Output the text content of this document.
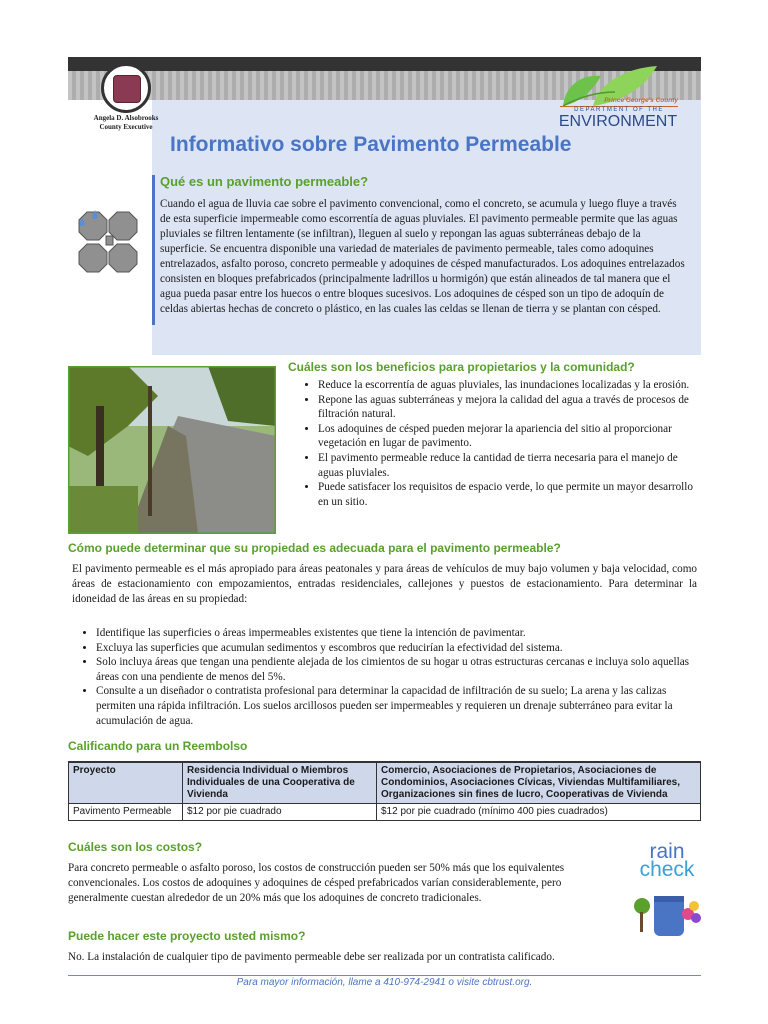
Angela D. Alsobrooks
County Executive
Prince George's County
DEPARTMENT OF THE
ENVIRONMENT
Informativo sobre Pavimento Permeable
Qué es un pavimento permeable?
Cuando el agua de lluvia cae sobre el pavimento convencional, como el concreto, se acumula y luego fluye a través de esta superficie impermeable como escorrentía de aguas pluviales. El pavimento permeable permite que las aguas pluviales se filtren lentamente (se infiltran), lleguen al suelo y repongan las aguas subterráneas debajo de la superficie. Se encuentra disponible una variedad de materiales de pavimento permeable, tales como adoquines entrelazados, asfalto poroso, concreto permeable y adoquines de césped manufacturados. Los adoquines entrelazados consisten en bloques prefabricados (principalmente ladrillos u hormigón) que están alineados de tal manera que el agua pueda pasar entre los huecos o entre bloques sucesivos. Los adoquines de césped son un tipo de adoquín de celdas abiertas hechas de concreto o plástico, en las cuales las celdas se llenan de tierra y se plantan con césped.
Cuáles son los beneficios para propietarios y la comunidad?
• Reduce la escorrentía de aguas pluviales, las inundaciones localizadas y la erosión.
• Repone las aguas subterráneas y mejora la calidad del agua a través de procesos de filtración natural.
• Los adoquines de césped pueden mejorar la apariencia del sitio al proporcionar vegetación en lugar de pavimento.
• El pavimento permeable reduce la cantidad de tierra necesaria para el manejo de aguas pluviales.
• Puede satisfacer los requisitos de espacio verde, lo que permite un mayor desarrollo en un sitio.
Cómo puede determinar que su propiedad es adecuada para el pavimento permeable?
El pavimento permeable es el más apropiado para áreas peatonales y para áreas de vehículos de muy bajo volumen y baja velocidad, como áreas de estacionamiento con empozamientos, entradas residenciales, callejones y puestos de estacionamiento. Para determinar la idoneidad de las áreas en su propiedad:
• Identifique las superficies o áreas impermeables existentes que tiene la intención de pavimentar.
• Excluya las superficies que acumulan sedimentos y escombros que reducirían la efectividad del sistema.
• Solo incluya áreas que tengan una pendiente alejada de los cimientos de su hogar u otras estructuras cercanas e incluya solo aquellas áreas con una pendiente de menos del 5%.
• Consulte a un diseñador o contratista profesional para determinar la capacidad de infiltración de su suelo; La arena y las calizas permiten una rápida infiltración. Los suelos arcillosos pueden ser impermeables y requieren un drenaje subterráneo para evitar la acumulación de agua.
Calificando para un Reembolso
Proyecto	Residencia Individual o Miembros Individuales de una Cooperativa de Vivienda	Comercio, Asociaciones de Propietarios, Asociaciones de Condominios, Asociaciones Cívicas, Viviendas Multifamiliares, Organizaciones sin fines de lucro, Cooperativas de Vivienda
Pavimento Permeable	$12 por pie cuadrado	$12 por pie cuadrado (mínimo 400 pies cuadrados)
Cuáles son los costos?
Para concreto permeable o asfalto poroso, los costos de construcción pueden ser 50% más que los equivalentes convencionales. Los costos de adoquines y adoquines de césped prefabricados varían considerablemente, pero generalmente cuestan alrededor de un 20% más que los adoquines de concreto tradicionales.
rain
check
Puede hacer este proyecto usted mismo?
No. La instalación de cualquier tipo de pavimento permeable debe ser realizada por un contratista calificado.
Para mayor información, llame a 410-974-2941 o visite cbtrust.org.
